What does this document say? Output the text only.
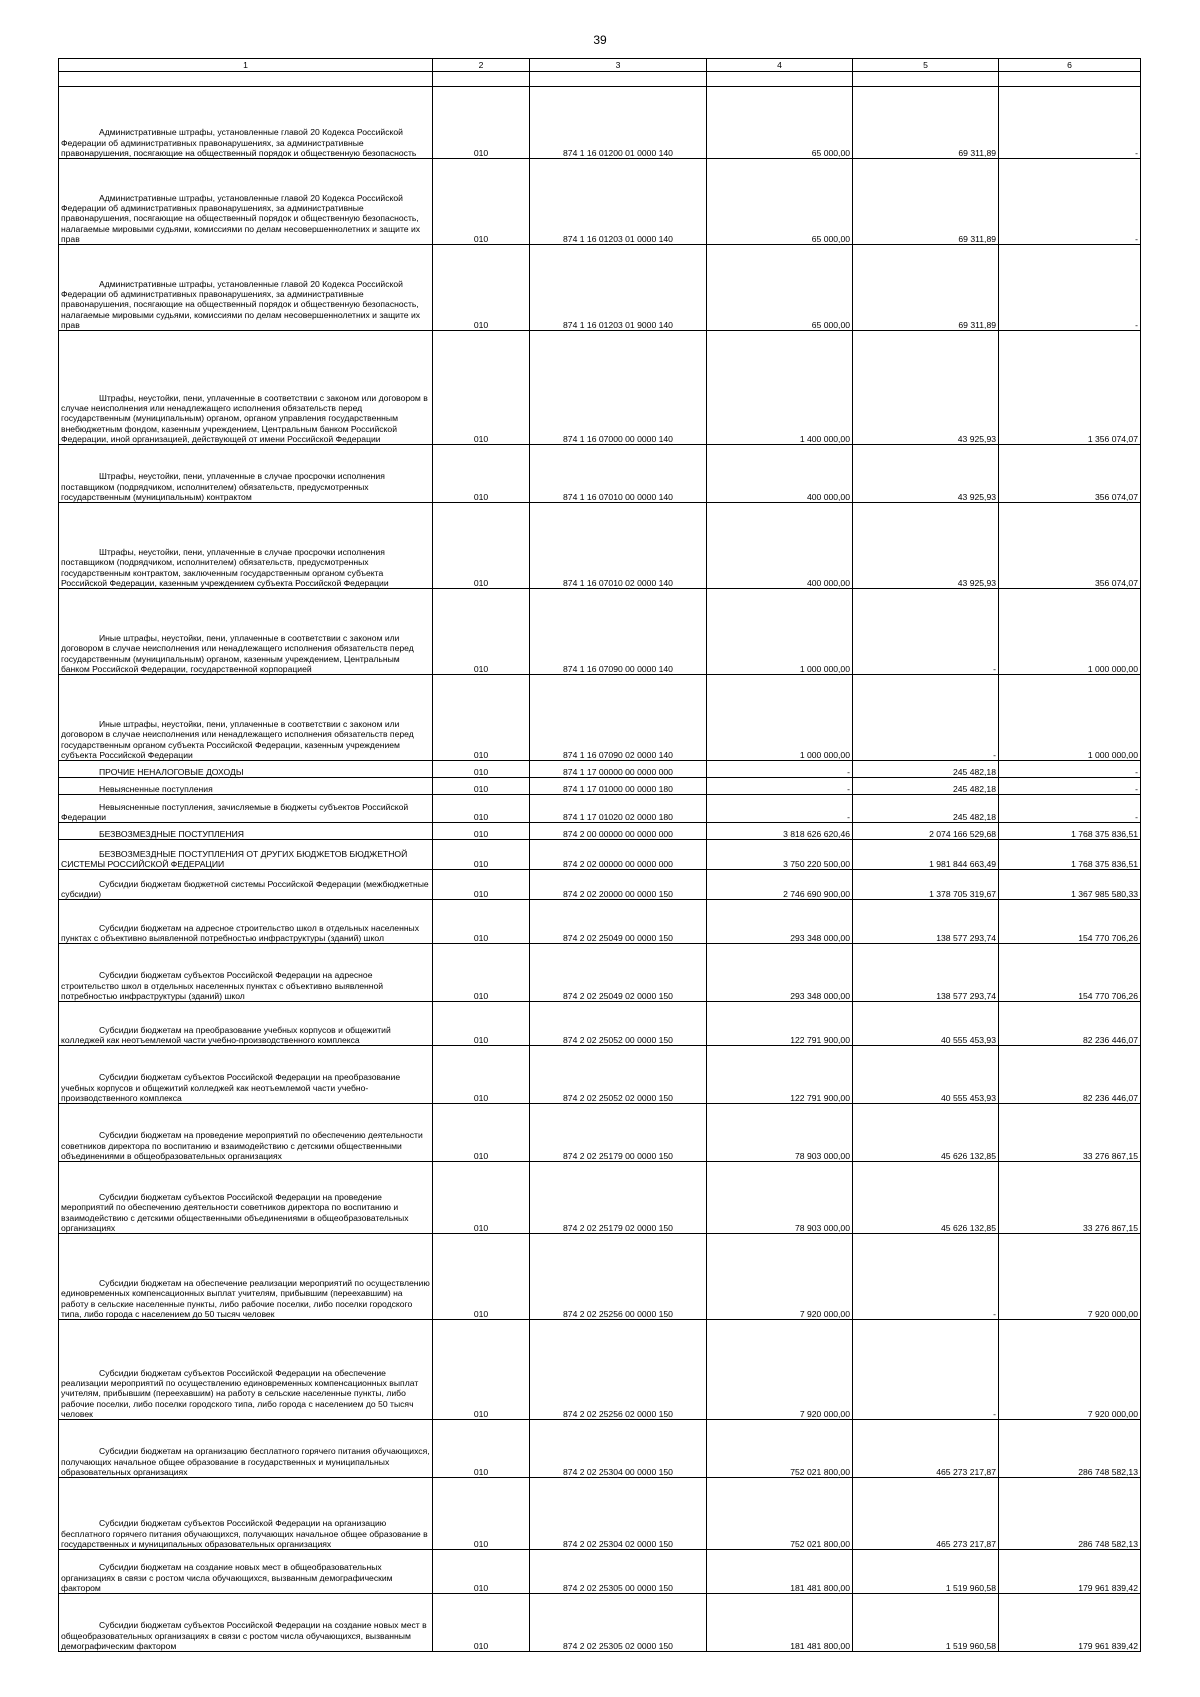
39
1	2	3	4	5	6

Административные штрафы, установленные главой 20 Кодекса Российской Федерации об административных правонарушениях, за административные правонарушения, посягающие на общественный порядок и общественную безопасность	010	874 1 16 01200 01 0000 140	65 000,00	69 311,89	-

Административные штрафы, установленные главой 20 Кодекса Российской Федерации об административных правонарушениях, за административные правонарушения, посягающие на общественный порядок и общественную безопасность, налагаемые мировыми судьями, комиссиями по делам несовершеннолетних и защите их прав	010	874 1 16 01203 01 0000 140	65 000,00	69 311,89	-

Административные штрафы, установленные главой 20 Кодекса Российской Федерации об административных правонарушениях, за административные правонарушения, посягающие на общественный порядок и общественную безопасность, налагаемые мировыми судьями, комиссиями по делам несовершеннолетних и защите их прав	010	874 1 16 01203 01 9000 140	65 000,00	69 311,89	-

Штрафы, неустойки, пени, уплаченные в соответствии с законом или договором в случае неисполнения или ненадлежащего исполнения обязательств перед государственным (муниципальным) органом, органом управления государственным внебюджетным фондом, казенным учреждением, Центральным банком Российской Федерации, иной организацией, действующей от имени Российской Федерации	010	874 1 16 07000 00 0000 140	1 400 000,00	43 925,93	1 356 074,07

Штрафы, неустойки, пени, уплаченные в случае просрочки исполнения поставщиком (подрядчиком, исполнителем) обязательств, предусмотренных государственным (муниципальным) контрактом	010	874 1 16 07010 00 0000 140	400 000,00	43 925,93	356 074,07

Штрафы, неустойки, пени, уплаченные в случае просрочки исполнения поставщиком (подрядчиком, исполнителем) обязательств, предусмотренных государственным контрактом, заключенным государственным органом субъекта Российской Федерации, казенным учреждением субъекта Российской Федерации	010	874 1 16 07010 02 0000 140	400 000,00	43 925,93	356 074,07

Иные штрафы, неустойки, пени, уплаченные в соответствии с законом или договором в случае неисполнения или ненадлежащего исполнения обязательств перед государственным (муниципальным) органом, казенным учреждением, Центральным банком Российской Федерации, государственной корпорацией	010	874 1 16 07090 00 0000 140	1 000 000,00	-	1 000 000,00

Иные штрафы, неустойки, пени, уплаченные в соответствии с законом или договором в случае неисполнения или ненадлежащего исполнения обязательств перед государственным органом субъекта Российской Федерации, казенным учреждением субъекта Российской Федерации	010	874 1 16 07090 02 0000 140	1 000 000,00	-	1 000 000,00

ПРОЧИЕ НЕНАЛОГОВЫЕ ДОХОДЫ	010	874 1 17 00000 00 0000 000	-	245 482,18	-

Невыясненные поступления	010	874 1 17 01000 00 0000 180	-	245 482,18	-

Невыясненные поступления, зачисляемые в бюджеты субъектов Российской Федерации	010	874 1 17 01020 02 0000 180	-	245 482,18	-

БЕЗВОЗМЕЗДНЫЕ ПОСТУПЛЕНИЯ	010	874 2 00 00000 00 0000 000	3 818 626 620,46	2 074 166 529,68	1 768 375 836,51

БЕЗВОЗМЕЗДНЫЕ ПОСТУПЛЕНИЯ ОТ ДРУГИХ БЮДЖЕТОВ БЮДЖЕТНОЙ СИСТЕМЫ РОССИЙСКОЙ ФЕДЕРАЦИИ	010	874 2 02 00000 00 0000 000	3 750 220 500,00	1 981 844 663,49	1 768 375 836,51

Субсидии бюджетам бюджетной системы Российской Федерации (межбюджетные субсидии)	010	874 2 02 20000 00 0000 150	2 746 690 900,00	1 378 705 319,67	1 367 985 580,33

Субсидии бюджетам на адресное строительство школ в отдельных населенных пунктах с объективно выявленной потребностью инфраструктуры (зданий) школ	010	874 2 02 25049 00 0000 150	293 348 000,00	138 577 293,74	154 770 706,26

Субсидии бюджетам субъектов Российской Федерации на адресное строительство школ в отдельных населенных пунктах с объективно выявленной потребностью инфраструктуры (зданий) школ	010	874 2 02 25049 02 0000 150	293 348 000,00	138 577 293,74	154 770 706,26

Субсидии бюджетам на преобразование учебных корпусов и общежитий колледжей как неотъемлемой части учебно-производственного комплекса	010	874 2 02 25052 00 0000 150	122 791 900,00	40 555 453,93	82 236 446,07

Субсидии бюджетам субъектов Российской Федерации на преобразование учебных корпусов и общежитий колледжей как неотъемлемой части учебно-производственного комплекса	010	874 2 02 25052 02 0000 150	122 791 900,00	40 555 453,93	82 236 446,07

Субсидии бюджетам на проведение мероприятий по обеспечению деятельности советников директора по воспитанию и взаимодействию с детскими общественными объединениями в общеобразовательных организациях	010	874 2 02 25179 00 0000 150	78 903 000,00	45 626 132,85	33 276 867,15

Субсидии бюджетам субъектов Российской Федерации на проведение мероприятий по обеспечению деятельности советников директора по воспитанию и взаимодействию с детскими общественными объединениями в общеобразовательных организациях	010	874 2 02 25179 02 0000 150	78 903 000,00	45 626 132,85	33 276 867,15

Субсидии бюджетам на обеспечение реализации мероприятий по осуществлению единовременных компенсационных выплат учителям, прибывшим (переехавшим) на работу в сельские населенные пункты, либо рабочие поселки, либо поселки городского типа, либо города с населением до 50 тысяч человек	010	874 2 02 25256 00 0000 150	7 920 000,00	-	7 920 000,00

Субсидии бюджетам субъектов Российской Федерации на обеспечение реализации мероприятий по осуществлению единовременных компенсационных выплат учителям, прибывшим (переехавшим) на работу в сельские населенные пункты, либо рабочие поселки, либо поселки городского типа, либо города с населением до 50 тысяч человек	010	874 2 02 25256 02 0000 150	7 920 000,00	-	7 920 000,00

Субсидии бюджетам на организацию бесплатного горячего питания обучающихся, получающих начальное общее образование в государственных и муниципальных образовательных организациях	010	874 2 02 25304 00 0000 150	752 021 800,00	465 273 217,87	286 748 582,13

Субсидии бюджетам субъектов Российской Федерации на организацию бесплатного горячего питания обучающихся, получающих начальное общее образование в государственных и муниципальных образовательных организациях	010	874 2 02 25304 02 0000 150	752 021 800,00	465 273 217,87	286 748 582,13

Субсидии бюджетам на создание новых мест в общеобразовательных организациях в связи с ростом числа обучающихся, вызванным демографическим фактором	010	874 2 02 25305 00 0000 150	181 481 800,00	1 519 960,58	179 961 839,42

Субсидии бюджетам субъектов Российской Федерации на создание новых мест в общеобразовательных организациях в связи с ростом числа обучающихся, вызванным демографическим фактором	010	874 2 02 25305 02 0000 150	181 481 800,00	1 519 960,58	179 961 839,42
